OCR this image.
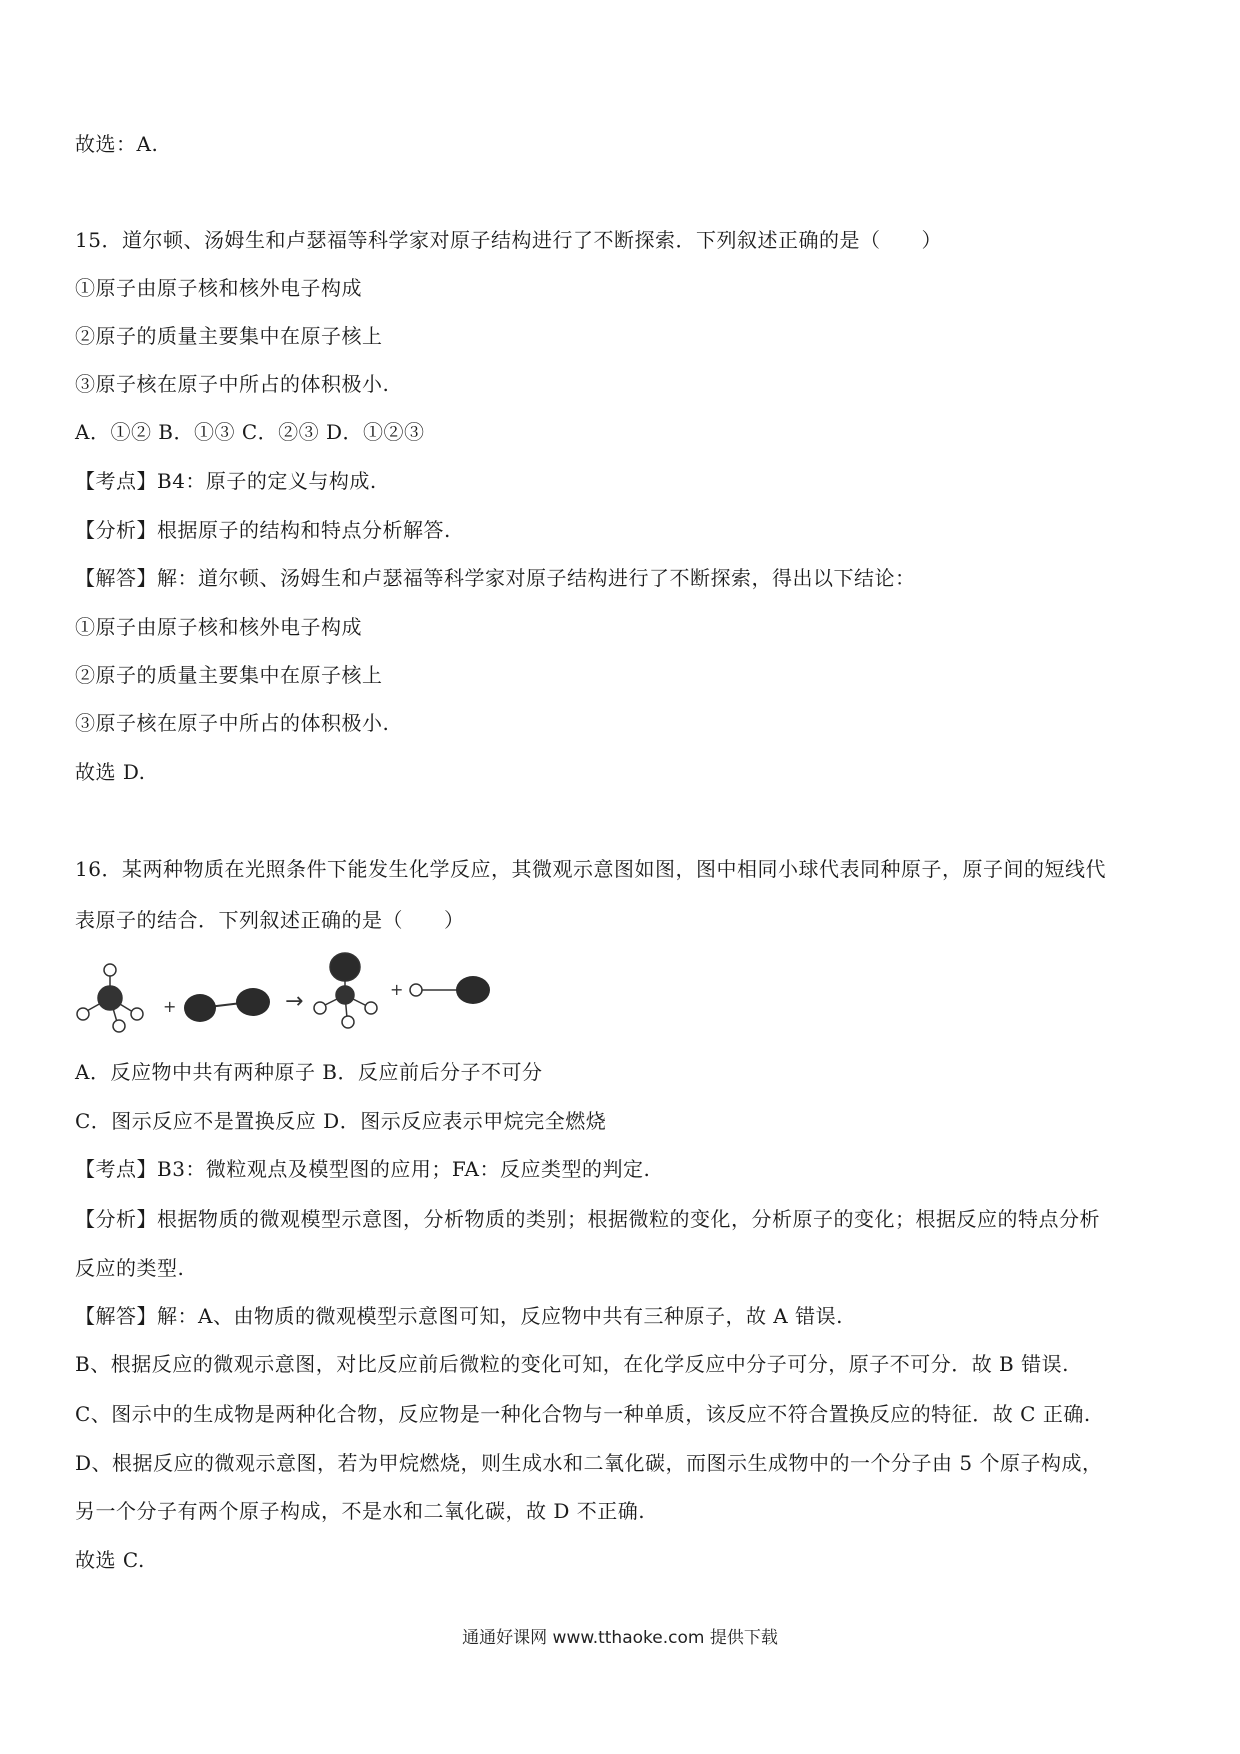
故选：A.
15．道尔顿、汤姆生和卢瑟福等科学家对原子结构进行了不断探索．下列叙述正确的是（　　）
①原子由原子核和核外电子构成
②原子的质量主要集中在原子核上
③原子核在原子中所占的体积极小.
A．①② B．①③ C．②③ D．①②③
【考点】B4：原子的定义与构成.
【分析】根据原子的结构和特点分析解答.
【解答】解：道尔顿、汤姆生和卢瑟福等科学家对原子结构进行了不断探索，得出以下结论：
①原子由原子核和核外电子构成
②原子的质量主要集中在原子核上
③原子核在原子中所占的体积极小.
故选 D.
16．某两种物质在光照条件下能发生化学反应，其微观示意图如图，图中相同小球代表同种原子，原子间的短线代
表原子的结合．下列叙述正确的是（　　）
+	→	+
A．反应物中共有两种原子 B．反应前后分子不可分
C．图示反应不是置换反应 D．图示反应表示甲烷完全燃烧
【考点】B3：微粒观点及模型图的应用；FA：反应类型的判定.
【分析】根据物质的微观模型示意图，分析物质的类别；根据微粒的变化，分析原子的变化；根据反应的特点分析
反应的类型.
【解答】解：A、由物质的微观模型示意图可知，反应物中共有三种原子，故 A 错误.
B、根据反应的微观示意图，对比反应前后微粒的变化可知，在化学反应中分子可分，原子不可分．故 B 错误.
C、图示中的生成物是两种化合物，反应物是一种化合物与一种单质，该反应不符合置换反应的特征．故 C 正确.
D、根据反应的微观示意图，若为甲烷燃烧，则生成水和二氧化碳，而图示生成物中的一个分子由 5 个原子构成，
另一个分子有两个原子构成，不是水和二氧化碳，故 D 不正确.
故选 C.
通通好课网 www.tthaoke.com 提供下载
